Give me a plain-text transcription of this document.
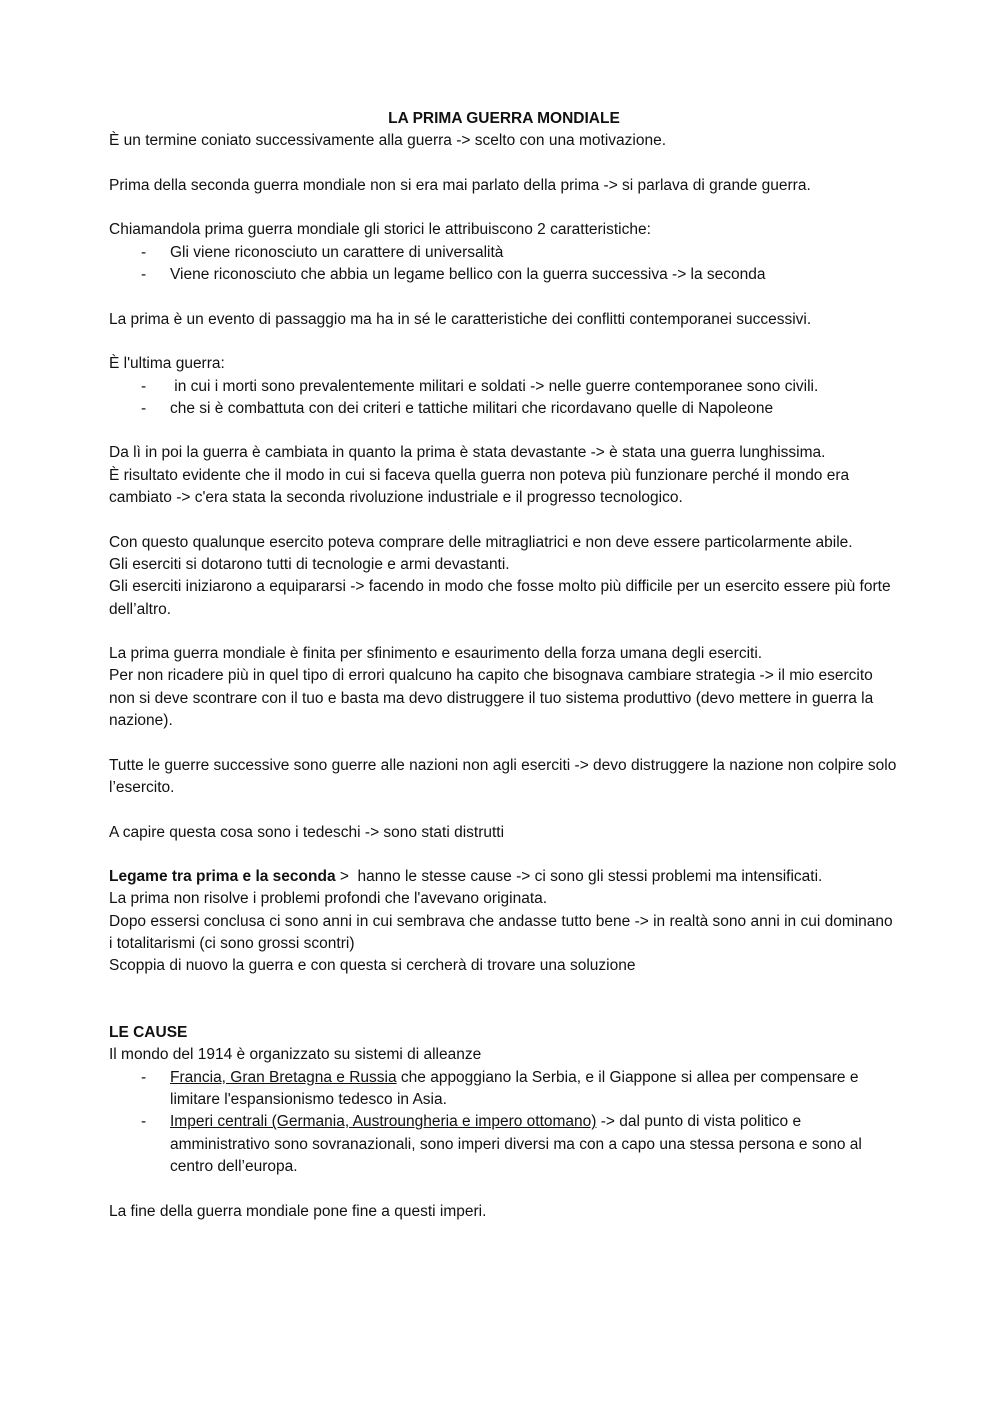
LA PRIMA GUERRA MONDIALE

È un termine coniato successivamente alla guerra -> scelto con una motivazione.

Prima della seconda guerra mondiale non si era mai parlato della prima -> si parlava di grande guerra.

Chiamandola prima guerra mondiale gli storici le attribuiscono 2 caratteristiche:

- Gli viene riconosciuto un carattere di universalità
- Viene riconosciuto che abbia un legame bellico con la guerra successiva -> la seconda

La prima è un evento di passaggio ma ha in sé le caratteristiche dei conflitti contemporanei successivi.

È l'ultima guerra:

- in cui i morti sono prevalentemente militari e soldati -> nelle guerre contemporanee sono civili.
- che si è combattuta con dei criteri e tattiche militari che ricordavano quelle di Napoleone

Da lì in poi la guerra è cambiata in quanto la prima è stata devastante -> è stata una guerra lunghissima.

È risultato evidente che il modo in cui si faceva quella guerra non poteva più funzionare perché il mondo era cambiato -> c'era stata la seconda rivoluzione industriale e il progresso tecnologico.

Con questo qualunque esercito poteva comprare delle mitragliatrici e non deve essere particolarmente abile.

Gli eserciti si dotarono tutti di tecnologie e armi devastanti.

Gli eserciti iniziarono a equipararsi -> facendo in modo che fosse molto più difficile per un esercito essere più forte dell’altro.

La prima guerra mondiale è finita per sfinimento e esaurimento della forza umana degli eserciti.

Per non ricadere più in quel tipo di errori qualcuno ha capito che bisognava cambiare strategia -> il mio esercito non si deve scontrare con il tuo e basta ma devo distruggere il tuo sistema produttivo (devo mettere in guerra la nazione).

Tutte le guerre successive sono guerre alle nazioni non agli eserciti -> devo distruggere la nazione non colpire solo l’esercito.

A capire questa cosa sono i tedeschi -> sono stati distrutti

Legame tra prima e la seconda >  hanno le stesse cause -> ci sono gli stessi problemi ma intensificati.

La prima non risolve i problemi profondi che l'avevano originata.

Dopo essersi conclusa ci sono anni in cui sembrava che andasse tutto bene -> in realtà sono anni in cui dominano i totalitarismi (ci sono grossi scontri)

Scoppia di nuovo la guerra e con questa si cercherà di trovare una soluzione

LE CAUSE

Il mondo del 1914 è organizzato su sistemi di alleanze

- Francia, Gran Bretagna e Russia che appoggiano la Serbia, e il Giappone si allea per compensare e limitare l'espansionismo tedesco in Asia.
- Imperi centrali (Germania, Austroungheria e impero ottomano) -> dal punto di vista politico e amministrativo sono sovranazionali, sono imperi diversi ma con a capo una stessa persona e sono al centro dell’europa.

La fine della guerra mondiale pone fine a questi imperi.
